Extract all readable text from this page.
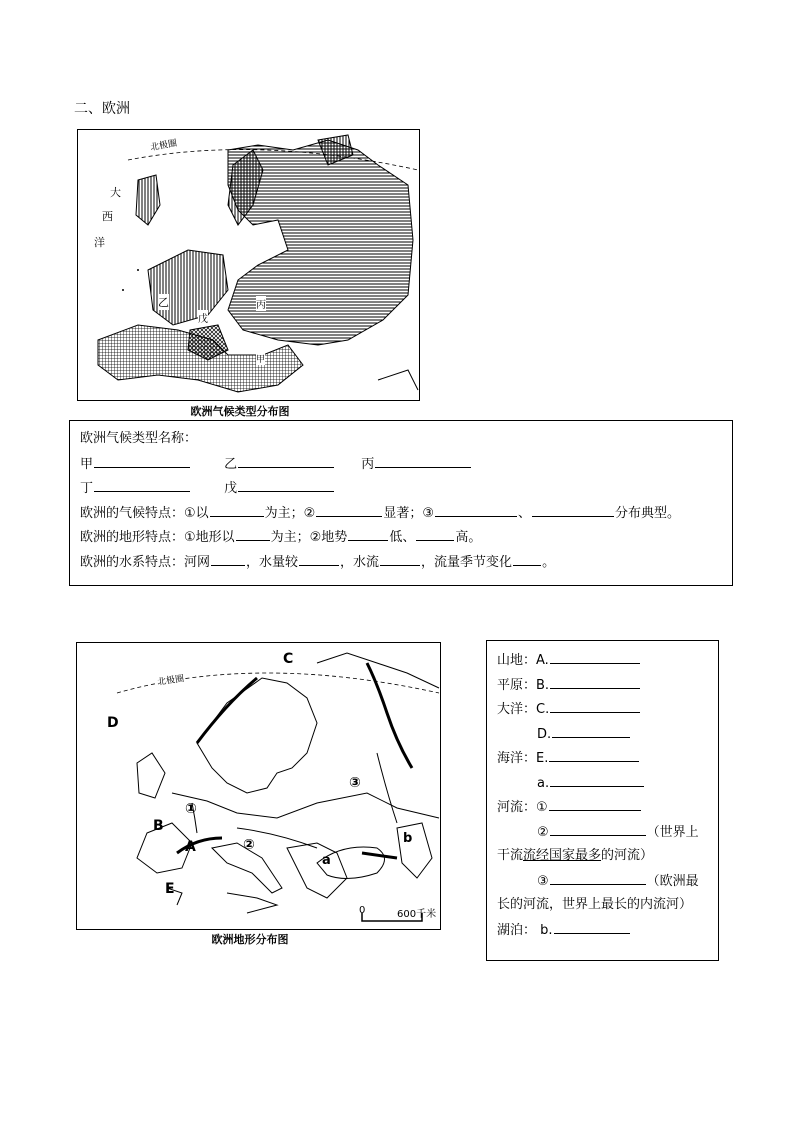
二、欧洲
北极圈
大
西
洋
乙	丙
戊
甲
欧洲气候类型分布图
欧洲气候类型名称：
甲	乙	丙
丁	戊
欧洲的气候特点：①以	为主；②	显著；③	、	分布典型。
欧洲的地形特点：①地形以	为主；②地势	低、	高。
欧洲的水系特点：河网	，水量较	，水流	，流量季节变化 。
北极圈
C
D
B
A
E
a
b
①
②
③
0	600千米
欧洲地形分布图
山地：A.
平原：B.
大洋：C.
D.
海洋：E.
a.
河流：①
②	（世界上
干流流经国家最多的河流）
③	（欧洲最
长的河流，世界上最长的内流河）
湖泊： b.
